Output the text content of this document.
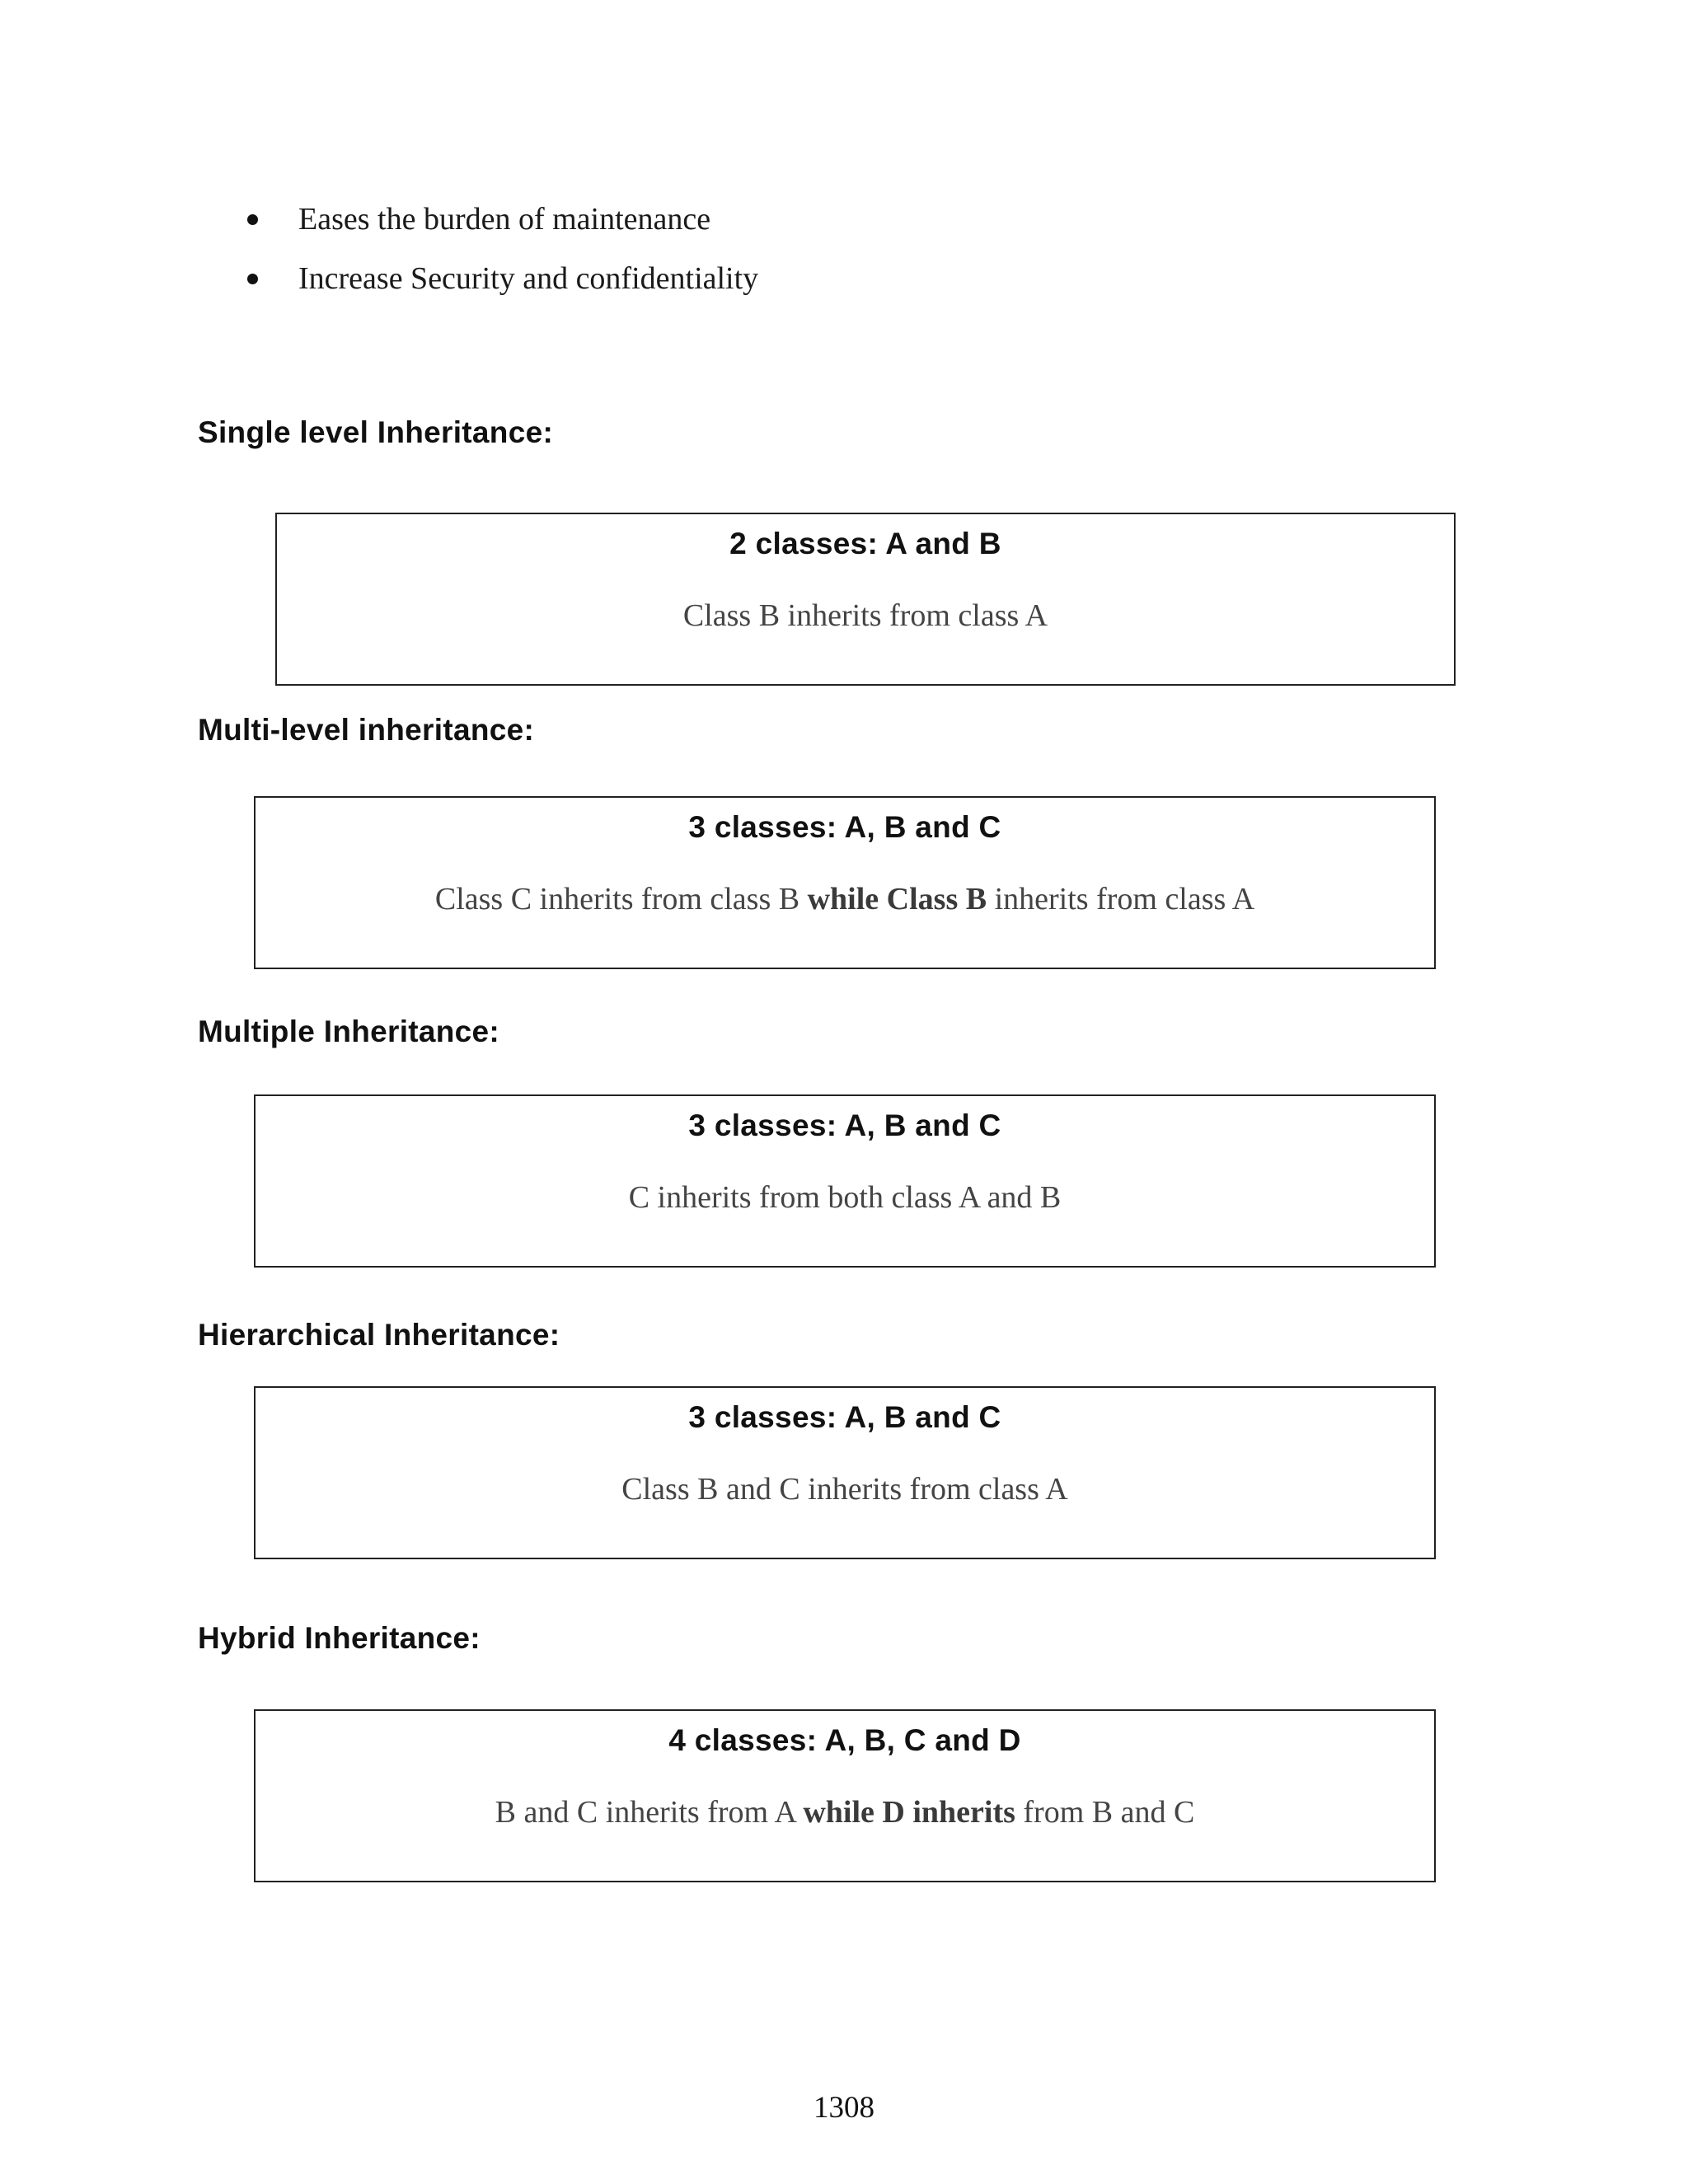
Eases the burden of maintenance
Increase Security and confidentiality
Single level Inheritance:
2 classes: A and B
Class B inherits from class A
Multi-level inheritance:
3 classes: A, B and C
Class C inherits from class B while Class B inherits from class A
Multiple Inheritance:
3 classes: A, B and C
C inherits from both class A and B
Hierarchical Inheritance:
3 classes: A, B and C
Class B and C inherits from class A
Hybrid Inheritance:
4 classes: A, B, C and D
B and C inherits from A while D inherits from B and C
1308
